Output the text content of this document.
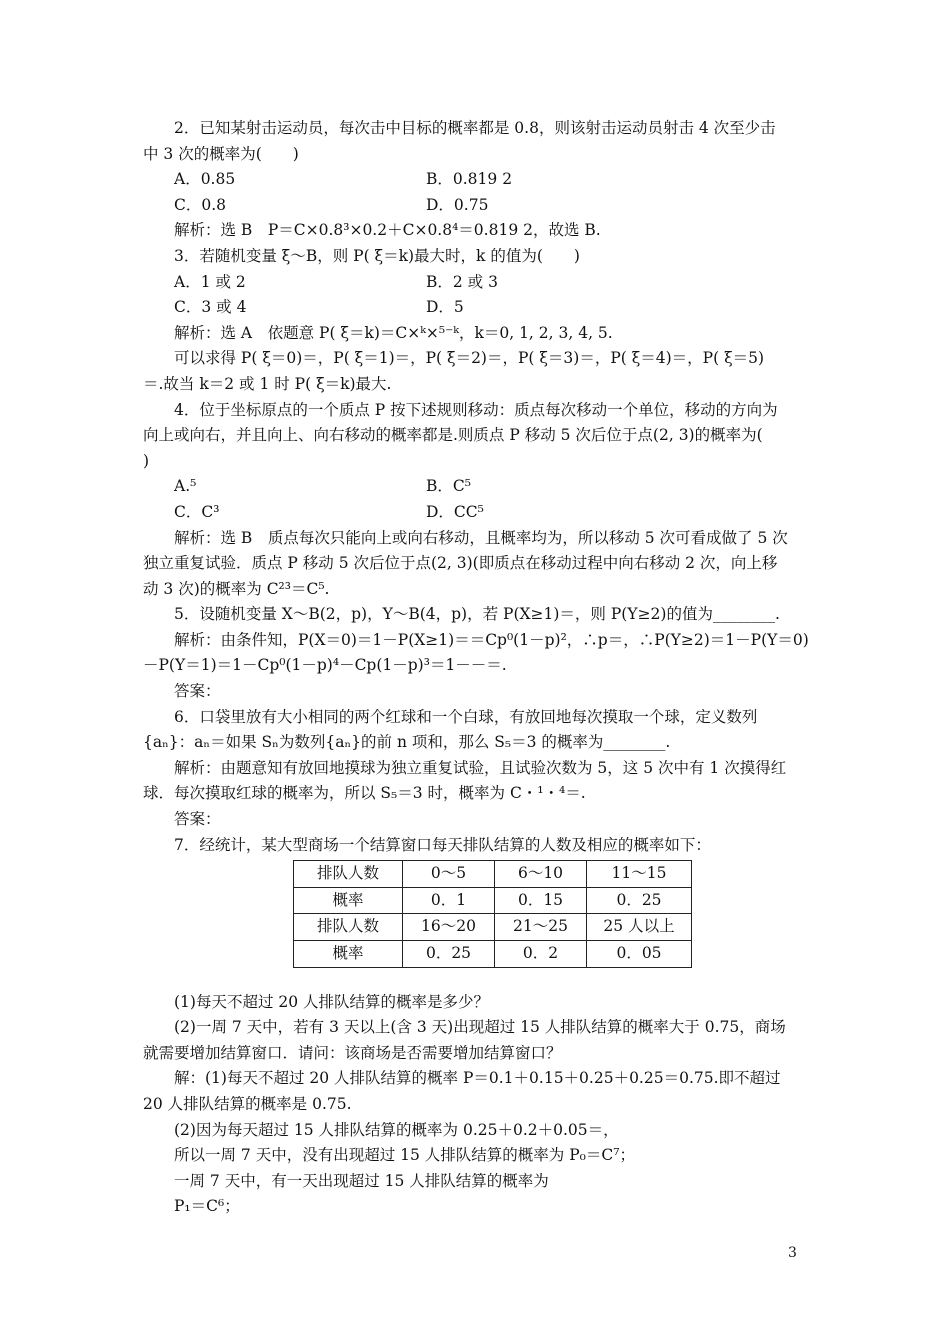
2．已知某射击运动员，每次击中目标的概率都是 0.8，则该射击运动员射击 4 次至少击
中 3 次的概率为(　　)
A．0.85	B．0.819 2
C．0.8	D．0.75
解析：选 B　P＝C×0.8³×0.2＋C×0.8⁴＝0.819 2，故选 B.
3．若随机变量 ξ～B，则 P( ξ＝k)最大时，k 的值为(　　)
A．1 或 2	B．2 或 3
C．3 或 4	D．5
解析：选 A　依题意 P( ξ＝k)＝C×ᵏ×⁵⁻ᵏ，k＝0, 1, 2, 3, 4, 5.
可以求得 P( ξ＝0)＝，P( ξ＝1)＝，P( ξ＝2)＝，P( ξ＝3)＝，P( ξ＝4)＝，P( ξ＝5)
＝.故当 k＝2 或 1 时 P( ξ＝k)最大.
4．位于坐标原点的一个质点 P 按下述规则移动：质点每次移动一个单位，移动的方向为
向上或向右，并且向上、向右移动的概率都是.则质点 P 移动 5 次后位于点(2, 3)的概率为(
)
A.⁵	B．C⁵
C．C³	D．CC⁵
解析：选 B　质点每次只能向上或向右移动，且概率均为，所以移动 5 次可看成做了 5 次
独立重复试验．质点 P 移动 5 次后位于点(2, 3)(即质点在移动过程中向右移动 2 次，向上移
动 3 次)的概率为 C²³＝C⁵.
5．设随机变量 X～B(2，p)，Y～B(4，p)，若 P(X≥1)＝，则 P(Y≥2)的值为________.
解析：由条件知，P(X＝0)＝1－P(X≥1)＝＝Cp⁰(1－p)²，∴p＝，∴P(Y≥2)＝1－P(Y＝0)
－P(Y＝1)＝1－Cp⁰(1－p)⁴－Cp(1－p)³＝1－－＝.
答案：
6．口袋里放有大小相同的两个红球和一个白球，有放回地每次摸取一个球，定义数列
{aₙ}：aₙ＝如果 Sₙ为数列{aₙ}的前 n 项和，那么 S₅＝3 的概率为________.
解析：由题意知有放回地摸球为独立重复试验，且试验次数为 5，这 5 次中有 1 次摸得红
球．每次摸取红球的概率为，所以 S₅＝3 时，概率为 C・¹・⁴＝.
答案：
7．经统计，某大型商场一个结算窗口每天排队结算的人数及相应的概率如下：
排队人数	0～5	6～10	11～15
概率	0．1	0．15	0．25
排队人数	16～20	21～25	25 人以上
概率	0．25	0．2	0．05
(1)每天不超过 20 人排队结算的概率是多少？
(2)一周 7 天中，若有 3 天以上(含 3 天)出现超过 15 人排队结算的概率大于 0.75，商场
就需要增加结算窗口．请问：该商场是否需要增加结算窗口？
解：(1)每天不超过 20 人排队结算的概率 P＝0.1＋0.15＋0.25＋0.25＝0.75.即不超过
20 人排队结算的概率是 0.75.
(2)因为每天超过 15 人排队结算的概率为 0.25＋0.2＋0.05＝，
所以一周 7 天中，没有出现超过 15 人排队结算的概率为 P₀＝C⁷；
一周 7 天中，有一天出现超过 15 人排队结算的概率为
P₁＝C⁶；
3
